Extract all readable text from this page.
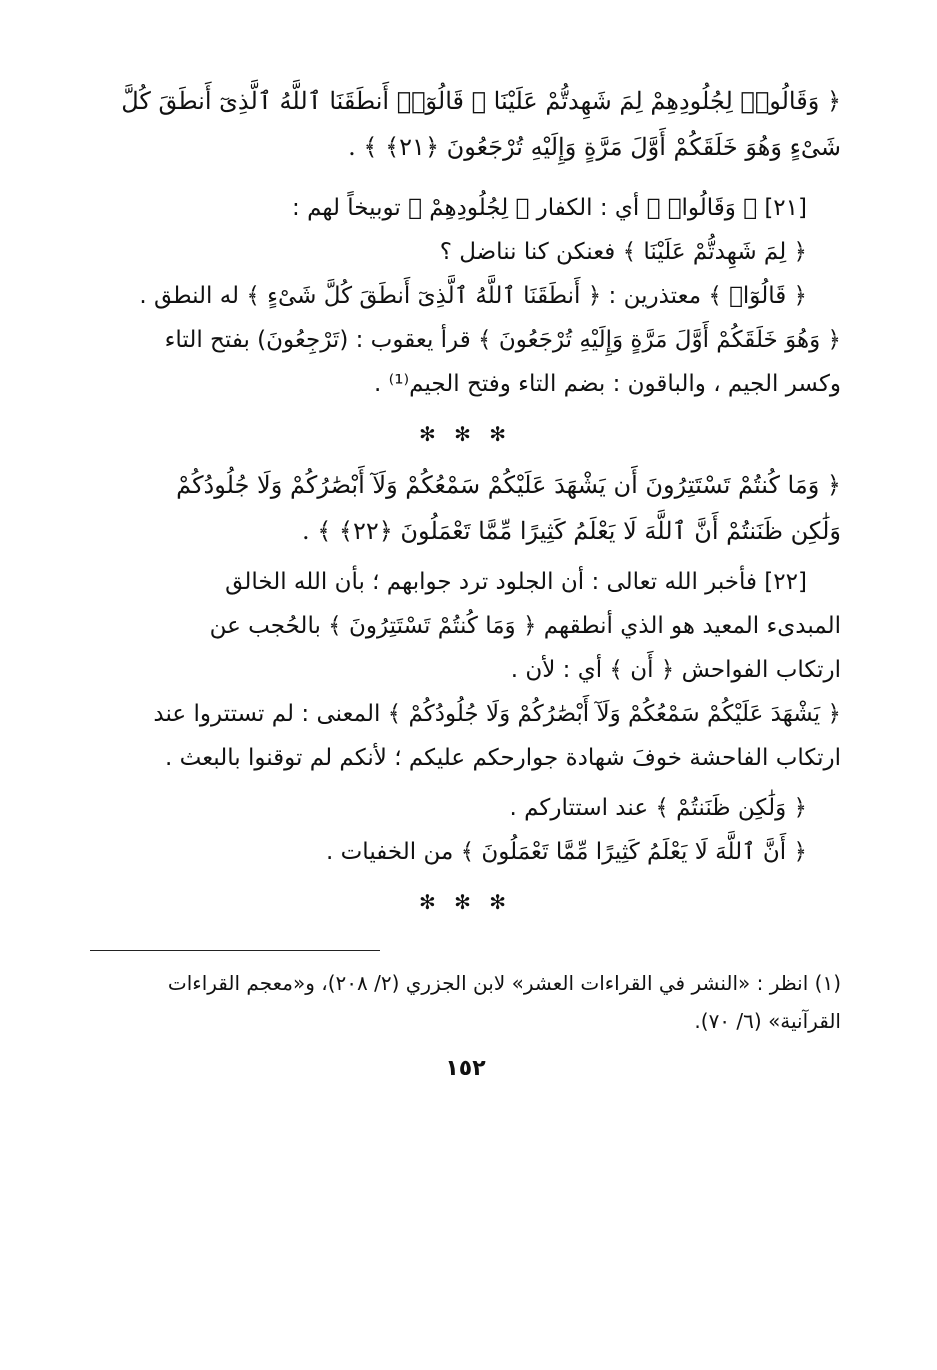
﴿ وَقَالُوا۟ لِجُلُودِهِمْ لِمَ شَهِدتُّمْ عَلَيْنَا ۖ قَالُوٓا۟ أَنطَقَنَا ٱللَّهُ ٱلَّذِىٓ أَنطَقَ كُلَّ
شَىْءٍ وَهُوَ خَلَقَكُمْ أَوَّلَ مَرَّةٍ وَإِلَيْهِ تُرْجَعُونَ ﴿٢١﴾ ﴾ .
[٢١] ﴿ وَقَالُوا۟ ﴾ أي : الكفار ﴿ لِجُلُودِهِمْ ﴾ توبيخاً لهم :
﴿ لِمَ شَهِدتُّمْ عَلَيْنَا ﴾ فعنكن كنا نناضل ؟
﴿ قَالُوٓا۟ ﴾ معتذرين : ﴿ أَنطَقَنَا ٱللَّهُ ٱلَّذِىٓ أَنطَقَ كُلَّ شَىْءٍ ﴾ له النطق .
﴿ وَهُوَ خَلَقَكُمْ أَوَّلَ مَرَّةٍ وَإِلَيْهِ تُرْجَعُونَ ﴾ قرأ يعقوب : (تَرْجِعُونَ) بفتح التاء
وكسر الجيم ، والباقون : بضم التاء وفتح الجيم⁽¹⁾ .
✻ ✻ ✻
﴿ وَمَا كُنتُمْ تَسْتَتِرُونَ أَن يَشْهَدَ عَلَيْكُمْ سَمْعُكُمْ وَلَآ أَبْصَٰرُكُمْ وَلَا جُلُودُكُمْ
وَلَٰكِن ظَنَنتُمْ أَنَّ ٱللَّهَ لَا يَعْلَمُ كَثِيرًا مِّمَّا تَعْمَلُونَ ﴿٢٢﴾ ﴾ .
[٢٢] فأخبر الله تعالى : أن الجلود ترد جوابهم ؛ بأن الله الخالق
المبدىء المعيد هو الذي أنطقهم ﴿ وَمَا كُنتُمْ تَسْتَتِرُونَ ﴾ بالحُجب عن
ارتكاب الفواحش ﴿ أَن ﴾ أي : لأن .
﴿ يَشْهَدَ عَلَيْكُمْ سَمْعُكُمْ وَلَآ أَبْصَٰرُكُمْ وَلَا جُلُودُكُمْ ﴾ المعنى : لم تستتروا عند
ارتكاب الفاحشة خوفَ شهادة جوارحكم عليكم ؛ لأنكم لم توقنوا بالبعث .
﴿ وَلَٰكِن ظَنَنتُمْ ﴾ عند استتاركم .
﴿ أَنَّ ٱللَّهَ لَا يَعْلَمُ كَثِيرًا مِّمَّا تَعْمَلُونَ ﴾ من الخفيات .
✻ ✻ ✻
(١) انظر : «النشر في القراءات العشر» لابن الجزري (٢/ ٢٠٨)، و«معجم القراءات
القرآنية» (٦/ ٧٠).
١٥٢
